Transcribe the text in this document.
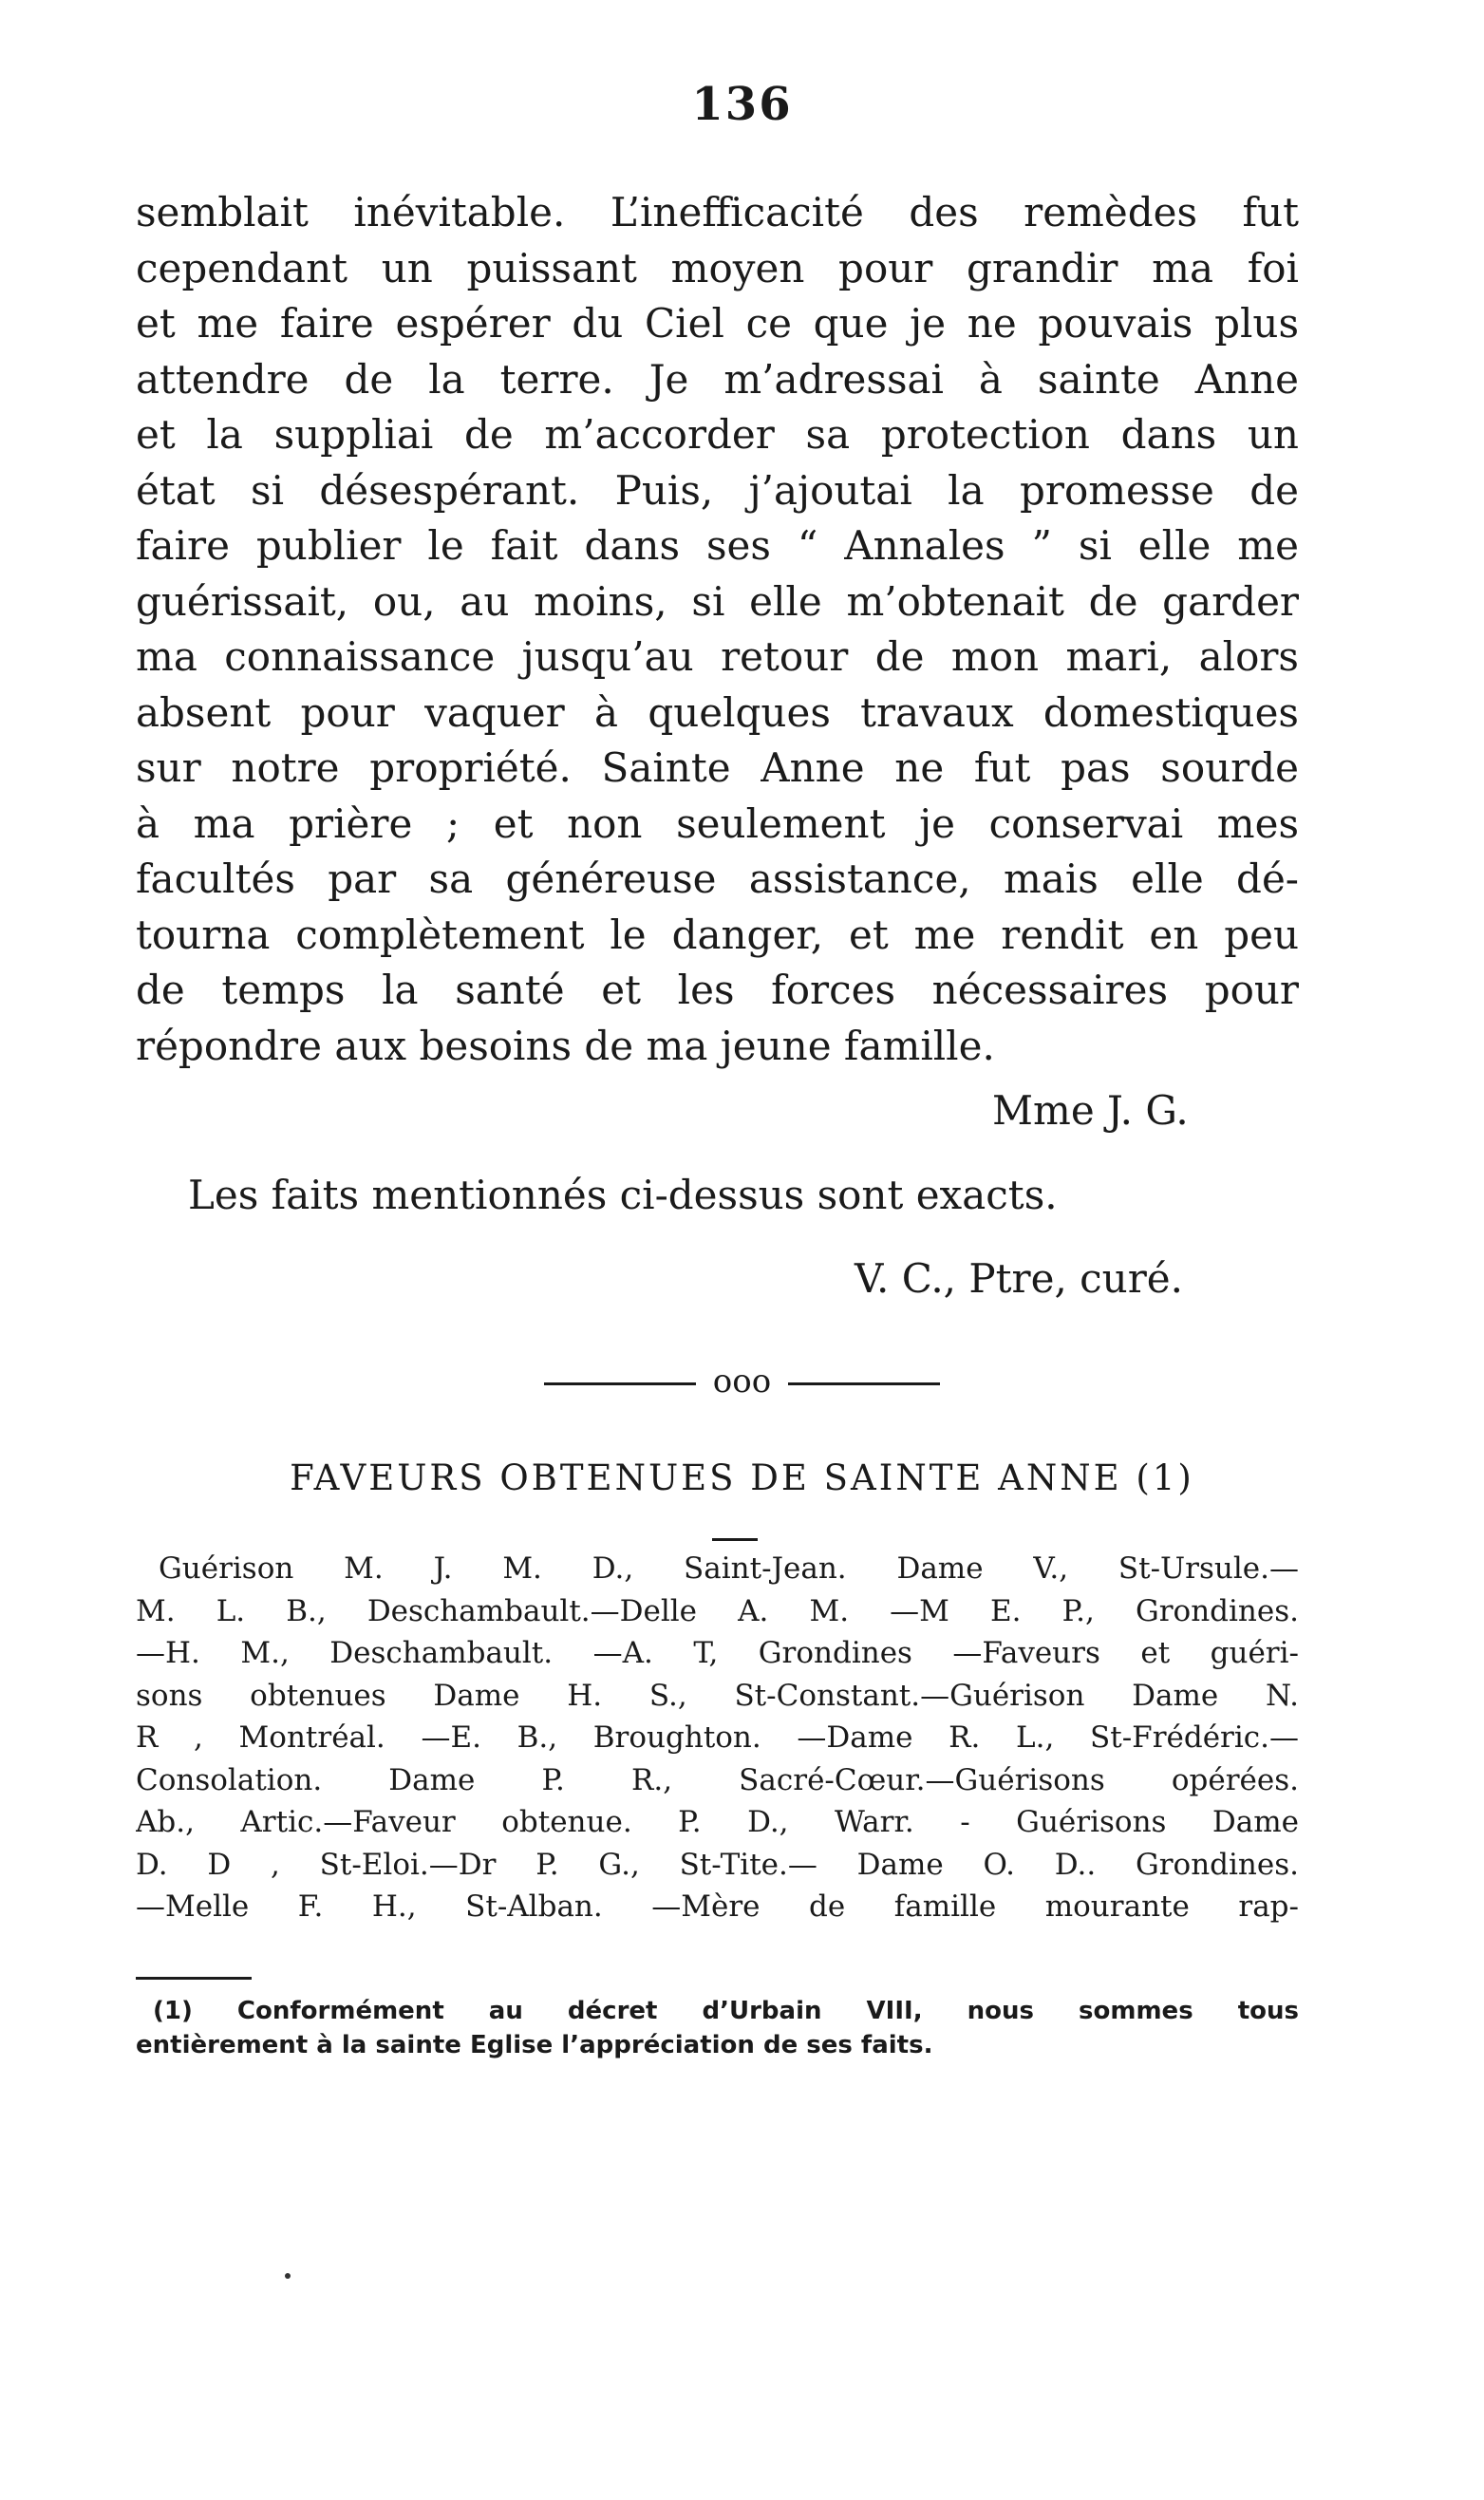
136
semblait inévitable. L’inefficacité des remèdes fut
cependant un puissant moyen pour grandir ma foi
et me faire espérer du Ciel ce que je ne pouvais plus
attendre de la terre. Je m’adressai à sainte Anne
et la suppliai de m’accorder sa protection dans un
état si désespérant. Puis, j’ajoutai la promesse de
faire publier le fait dans ses “ Annales ” si elle me
guérissait, ou, au moins, si elle m’obtenait de garder
ma connaissance jusqu’au retour de mon mari, alors
absent pour vaquer à quelques travaux domestiques
sur notre propriété. Sainte Anne ne fut pas sourde
à ma prière ; et non seulement je conservai mes
facultés par sa généreuse assistance, mais elle dé-
tourna complètement le danger, et me rendit en peu
de temps la santé et les forces nécessaires pour
répondre aux besoins de ma jeune famille.
Mme J. G.
Les faits mentionnés ci-dessus sont exacts.
V. C., Ptre, curé.
ooo
FAVEURS OBTENUES DE SAINTE ANNE (1)
Guérison M. J. M. D., Saint-Jean. Dame V., St-Ursule.—
M. L. B., Deschambault.—Delle A. M. —M E. P., Grondines.
—H. M., Deschambault. —A. T, Grondines —Faveurs et guéri-
sons obtenues Dame H. S., St-Constant.—Guérison Dame N.
R , Montréal. —E. B., Broughton. —Dame R. L., St-Frédéric.—
Consolation. Dame P. R., Sacré-Cœur.—Guérisons opérées.
Ab., Artic.—Faveur obtenue. P. D., Warr. - Guérisons Dame
D. D , St-Eloi.—Dr P. G., St-Tite.— Dame O. D.. Grondines.
—Melle F. H., St-Alban. —Mère de famille mourante rap-
(1) Conformément au décret d’Urbain VIII, nous sommes tous
entièrement à la sainte Eglise l’appréciation de ses faits.
